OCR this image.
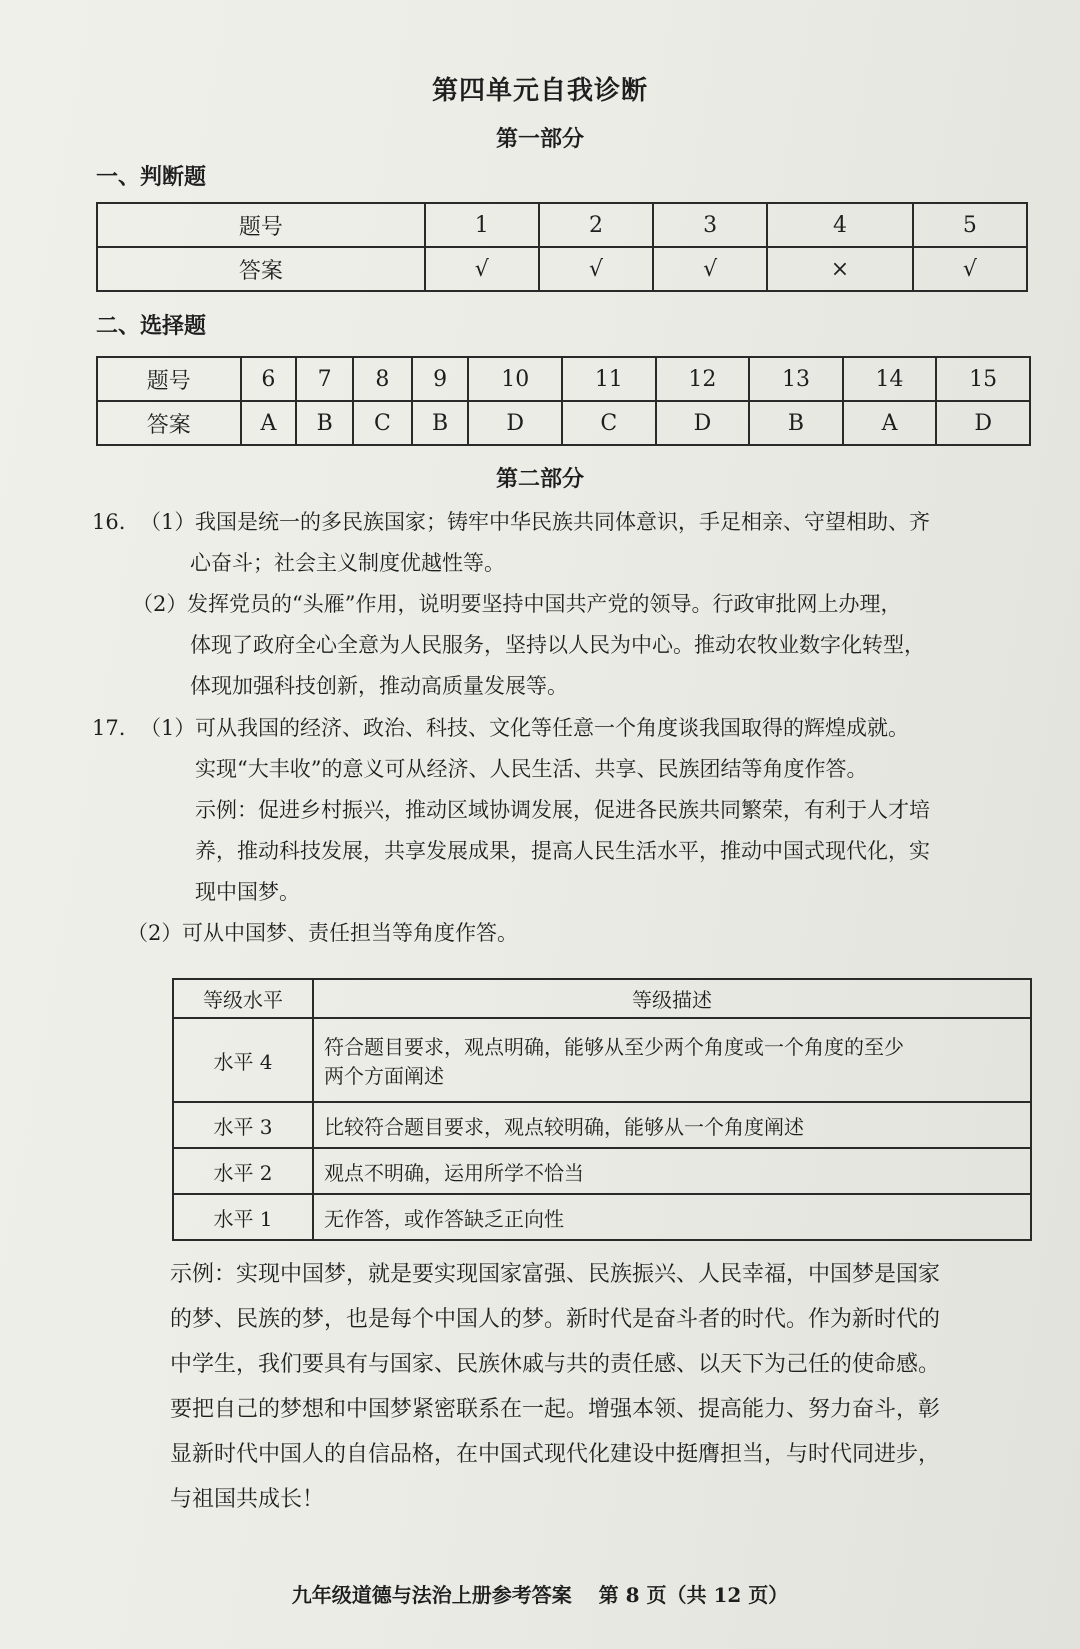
第四单元自我诊断
第一部分
一、判断题
题号	1	2	3	4	5
答案	√	√	√	×	√
二、选择题
题号	6	7	8	9	10	11	12	13	14	15
答案	A	B	C	B	D	C	D	B	A	D
第二部分
16. （1）我国是统一的多民族国家；铸牢中华民族共同体意识，手足相亲、守望相助、齐
心奋斗；社会主义制度优越性等。
（2）发挥党员的“头雁”作用，说明要坚持中国共产党的领导。行政审批网上办理，
体现了政府全心全意为人民服务，坚持以人民为中心。推动农牧业数字化转型，
体现加强科技创新，推动高质量发展等。
17. （1）可从我国的经济、政治、科技、文化等任意一个角度谈我国取得的辉煌成就。
实现“大丰收”的意义可从经济、人民生活、共享、民族团结等角度作答。
示例：促进乡村振兴，推动区域协调发展，促进各民族共同繁荣，有利于人才培
养，推动科技发展，共享发展成果，提高人民生活水平，推动中国式现代化，实
现中国梦。
（2）可从中国梦、责任担当等角度作答。
等级水平	等级描述
水平 4	符合题目要求，观点明确，能够从至少两个角度或一个角度的至少
两个方面阐述

水平 3	比较符合题目要求，观点较明确，能够从一个角度阐述
水平 2	观点不明确，运用所学不恰当
水平 1	无作答，或作答缺乏正向性
示例：实现中国梦，就是要实现国家富强、民族振兴、人民幸福，中国梦是国家
的梦、民族的梦，也是每个中国人的梦。新时代是奋斗者的时代。作为新时代的
中学生，我们要具有与国家、民族休戚与共的责任感、以天下为己任的使命感。
要把自己的梦想和中国梦紧密联系在一起。增强本领、提高能力、努力奋斗，彰
显新时代中国人的自信品格，在中国式现代化建设中挺膺担当，与时代同进步，
与祖国共成长！
九年级道德与法治上册参考答案 第 8 页（共 12 页）
